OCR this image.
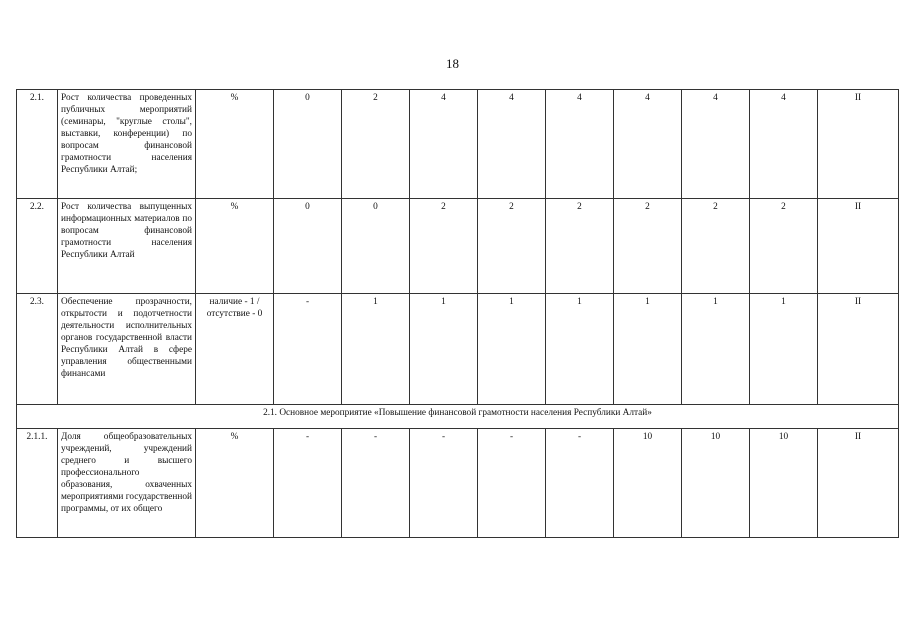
18
2.1.	Рост количества проведенных публичных мероприятий (семинары, "круглые столы", выставки, конференции) по вопросам финансовой грамотности населения Республики Алтай;	%	0	2	4	4	4	4	4	4	II
2.2.	Рост количества выпущенных информационных материалов по вопросам финансовой грамотности населения Республики Алтай	%	0	0	2	2	2	2	2	2	II
2.3.	Обеспечение прозрачности, открытости и подотчетности деятельности исполнительных органов государственной власти Республики Алтай в сфере управления общественными финансами	наличие - 1 / отсутствие - 0	-	1	1	1	1	1	1	1	II
2.1. Основное мероприятие «Повышение финансовой грамотности населения Республики Алтай»											
2.1.1.	Доля общеобразовательных учреждений, учреждений среднего и высшего профессионального образования, охваченных мероприятиями государственной программы, от их общего	%	-	-	-	-	-	10	10	10	II
